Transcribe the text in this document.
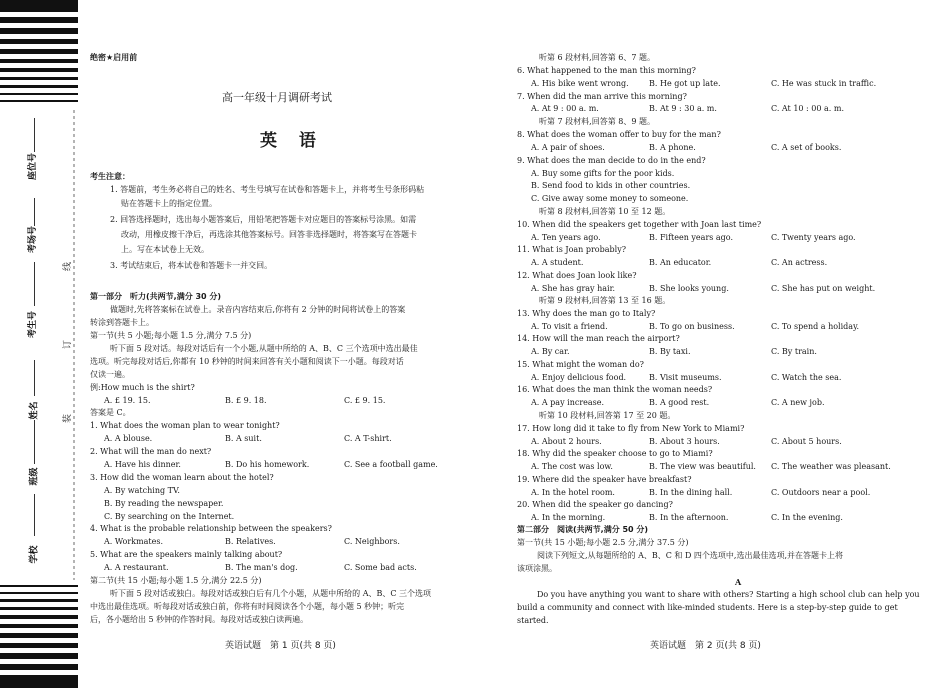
座位号
考场号
考生号
姓名
班级
学校
线
订
装
绝密★启用前
高一年级十月调研考试
英 语
考生注意：
1. 答题前，考生务必将自己的姓名、考生号填写在试卷和答题卡上，并将考生号条形码粘
贴在答题卡上的指定位置。
2. 回答选择题时，选出每小题答案后，用铅笔把答题卡对应题目的答案标号涂黑。如需
改动，用橡皮擦干净后，再选涂其他答案标号。回答非选择题时，将答案写在答题卡
上。写在本试卷上无效。
3. 考试结束后，将本试卷和答题卡一并交回。
第一部分　听力(共两节,满分 30 分)
做题时,先将答案标在试卷上。录音内容结束后,你将有 2 分钟的时间将试卷上的答案
转涂到答题卡上。
第一节(共 5 小题;每小题 1.5 分,满分 7.5 分)
听下面 5 段对话。每段对话后有一个小题,从题中所给的 A、B、C 三个选项中选出最佳
选项。听完每段对话后,你都有 10 秒钟的时间来回答有关小题和阅读下一小题。每段对话
仅读一遍。
例:How much is the shirt?
A. £ 19. 15.	B. £ 9. 18.	C. £ 9. 15.
答案是 C。
1. What does the woman plan to wear tonight?
A. A blouse.	B. A suit.	C. A T-shirt.
2. What will the man do next?
A. Have his dinner.	B. Do his homework.	C. See a football game.
3. How did the woman learn about the hotel?
A. By watching TV.
B. By reading the newspaper.
C. By searching on the Internet.
4. What is the probable relationship between the speakers?
A. Workmates.	B. Relatives.	C. Neighbors.
5. What are the speakers mainly talking about?
A. A restaurant.	B. The man's dog.	C. Some bad acts.
第二节(共 15 小题;每小题 1.5 分,满分 22.5 分)
听下面 5 段对话或独白。每段对话或独白后有几个小题，从题中所给的 A、B、C 三个选项
中选出最佳选项。听每段对话或独白前，你将有时间阅读各个小题，每小题 5 秒钟；听完
后，各小题给出 5 秒钟的作答时间。每段对话或独白读两遍。
英语试题　第 1 页(共 8 页)
听第 6 段材料,回答第 6、7 题。
6. What happened to the man this morning?
A. His bike went wrong.	B. He got up late.	C. He was stuck in traffic.
7. When did the man arrive this morning?
A. At 9 : 00 a. m.	B. At 9 : 30 a. m.	C. At 10 : 00 a. m.
听第 7 段材料,回答第 8、9 题。
8. What does the woman offer to buy for the man?
A. A pair of shoes.	B. A phone.	C. A set of books.
9. What does the man decide to do in the end?
A. Buy some gifts for the poor kids.
B. Send food to kids in other countries.
C. Give away some money to someone.
听第 8 段材料,回答第 10 至 12 题。
10. When did the speakers get together with Joan last time?
A. Ten years ago.	B. Fifteen years ago.	C. Twenty years ago.
11. What is Joan probably?
A. A student.	B. An educator.	C. An actress.
12. What does Joan look like?
A. She has gray hair.	B. She looks young.	C. She has put on weight.
听第 9 段材料,回答第 13 至 16 题。
13. Why does the man go to Italy?
A. To visit a friend.	B. To go on business.	C. To spend a holiday.
14. How will the man reach the airport?
A. By car.	B. By taxi.	C. By train.
15. What might the woman do?
A. Enjoy delicious food.	B. Visit museums.	C. Watch the sea.
16. What does the man think the woman needs?
A. A pay increase.	B. A good rest.	C. A new job.
听第 10 段材料,回答第 17 至 20 题。
17. How long did it take to fly from New York to Miami?
A. About 2 hours.	B. About 3 hours.	C. About 5 hours.
18. Why did the speaker choose to go to Miami?
A. The cost was low.	B. The view was beautiful. C. The weather was pleasant.
19. Where did the speaker have breakfast?
A. In the hotel room.	B. In the dining hall.	C. Outdoors near a pool.
20. When did the speaker go dancing?
A. In the morning.	B. In the afternoon.	C. In the evening.
第二部分　阅读(共两节,满分 50 分)
第一节(共 15 小题;每小题 2.5 分,满分 37.5 分)
阅读下列短文,从每题所给的 A、B、C 和 D 四个选项中,选出最佳选项,并在答题卡上将
该项涂黑。
A
Do you have anything you want to share with others? Starting a high school club can help you
build a community and connect with like-minded students. Here is a step-by-step guide to get
started.
英语试题　第 2 页(共 8 页)
